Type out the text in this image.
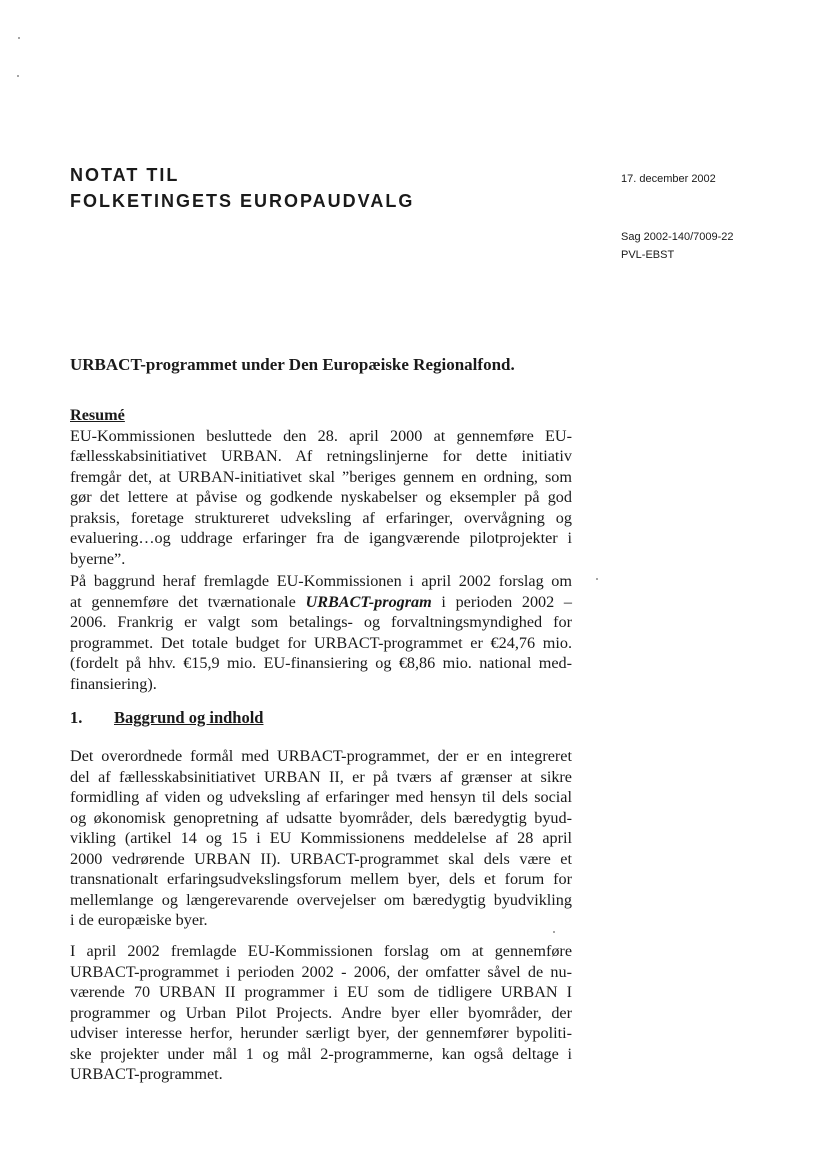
NOTAT TIL
FOLKETINGETS EUROPAUDVALG
17. december 2002
Sag 2002-140/7009-22
PVL-EBST
URBACT-programmet under Den Europæiske Regionalfond.
Resumé
EU-Kommissionen besluttede den 28. april 2000 at gennemføre EU-
fællesskabsinitiativet URBAN. Af retningslinjerne for dette initiativ
fremgår det, at URBAN-initiativet skal ”beriges gennem en ordning, som
gør det lettere at påvise og godkende nyskabelser og eksempler på god
praksis, foretage struktureret udveksling af erfaringer, overvågning og
evaluering…og uddrage erfaringer fra de igangværende pilotprojekter i
byerne”.
På baggrund heraf fremlagde EU-Kommissionen i april 2002 forslag om
at gennemføre det tværnationale URBACT-program i perioden 2002 –
2006. Frankrig er valgt som betalings- og forvaltningsmyndighed for
programmet. Det totale budget for URBACT-programmet er €24,76 mio.
(fordelt på hhv. €15,9 mio. EU-finansiering og €8,86 mio. national med-
finansiering).
1. Baggrund og indhold
Det overordnede formål med URBACT-programmet, der er en integreret
del af fællesskabsinitiativet URBAN II, er på tværs af grænser at sikre
formidling af viden og udveksling af erfaringer med hensyn til dels social
og økonomisk genopretning af udsatte byområder, dels bæredygtig byud-
vikling (artikel 14 og 15 i EU Kommissionens meddelelse af 28 april
2000 vedrørende URBAN II). URBACT-programmet skal dels være et
transnationalt erfaringsudvekslingsforum mellem byer, dels et forum for
mellemlange og længerevarende overvejelser om bæredygtig byudvikling
i de europæiske byer.
I april 2002 fremlagde EU-Kommissionen forslag om at gennemføre
URBACT-programmet i perioden 2002 - 2006, der omfatter såvel de nu-
værende 70 URBAN II programmer i EU som de tidligere URBAN I
programmer og Urban Pilot Projects. Andre byer eller byområder, der
udviser interesse herfor, herunder særligt byer, der gennemfører bypoliti-
ske projekter under mål 1 og mål 2-programmerne, kan også deltage i
URBACT-programmet.
